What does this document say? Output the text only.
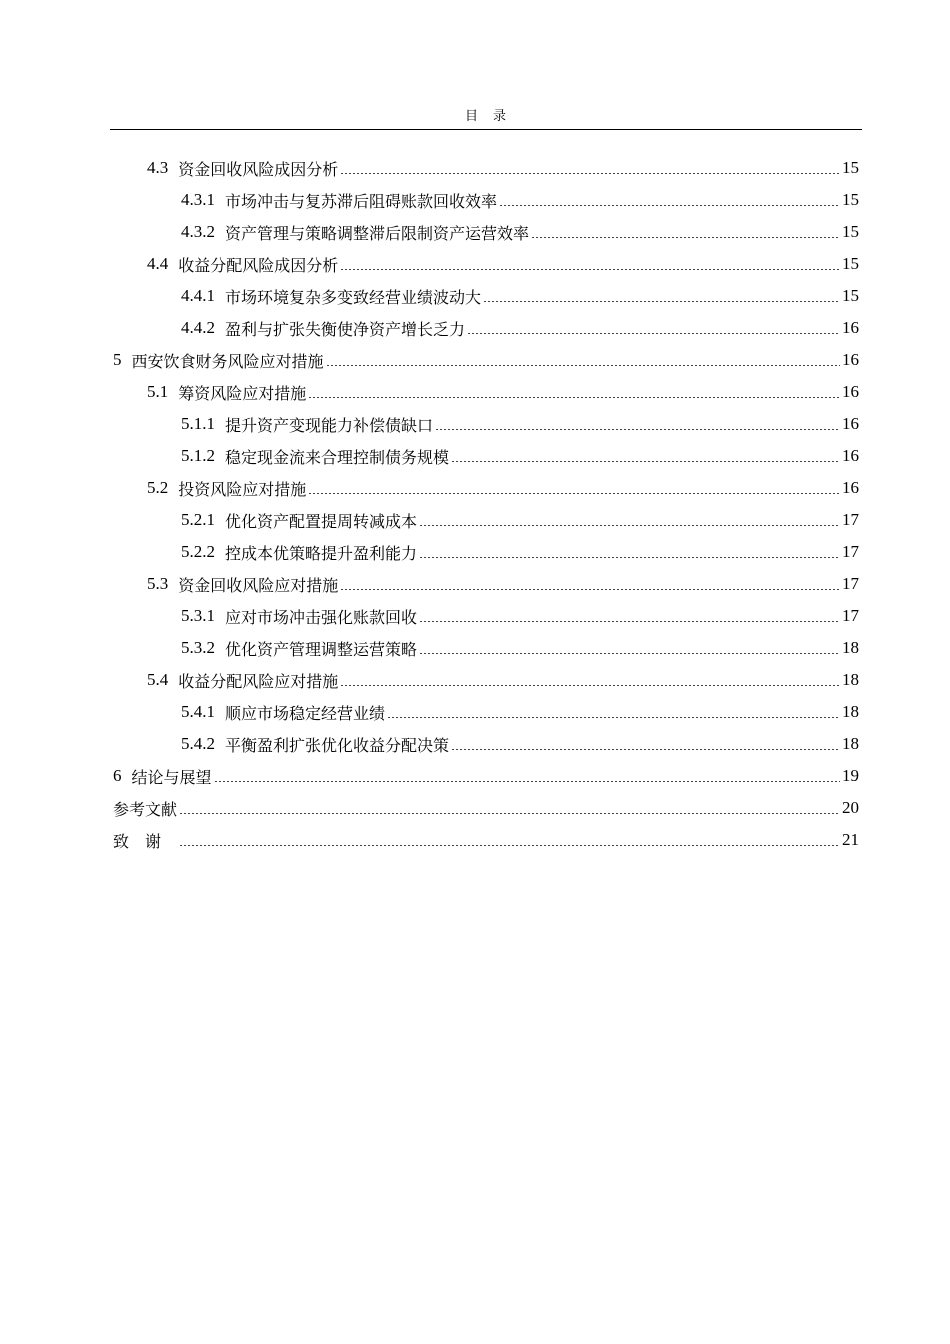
目　录
4.3 资金回收风险成因分析	15
4.3.1 市场冲击与复苏滞后阻碍账款回收效率	15
4.3.2 资产管理与策略调整滞后限制资产运营效率	15
4.4 收益分配风险成因分析	15
4.4.1 市场环境复杂多变致经营业绩波动大	15
4.4.2 盈利与扩张失衡使净资产增长乏力	16
5 西安饮食财务风险应对措施	16
5.1 筹资风险应对措施	16
5.1.1 提升资产变现能力补偿债缺口	16
5.1.2 稳定现金流来合理控制债务规模	16
5.2 投资风险应对措施	16
5.2.1 优化资产配置提周转减成本	17
5.2.2 控成本优策略提升盈利能力	17
5.3 资金回收风险应对措施	17
5.3.1 应对市场冲击强化账款回收	17
5.3.2 优化资产管理调整运营策略	18
5.4 收益分配风险应对措施	18
5.4.1 顺应市场稳定经营业绩	18
5.4.2 平衡盈利扩张优化收益分配决策	18
6 结论与展望	19
参考文献	20
致谢	21
